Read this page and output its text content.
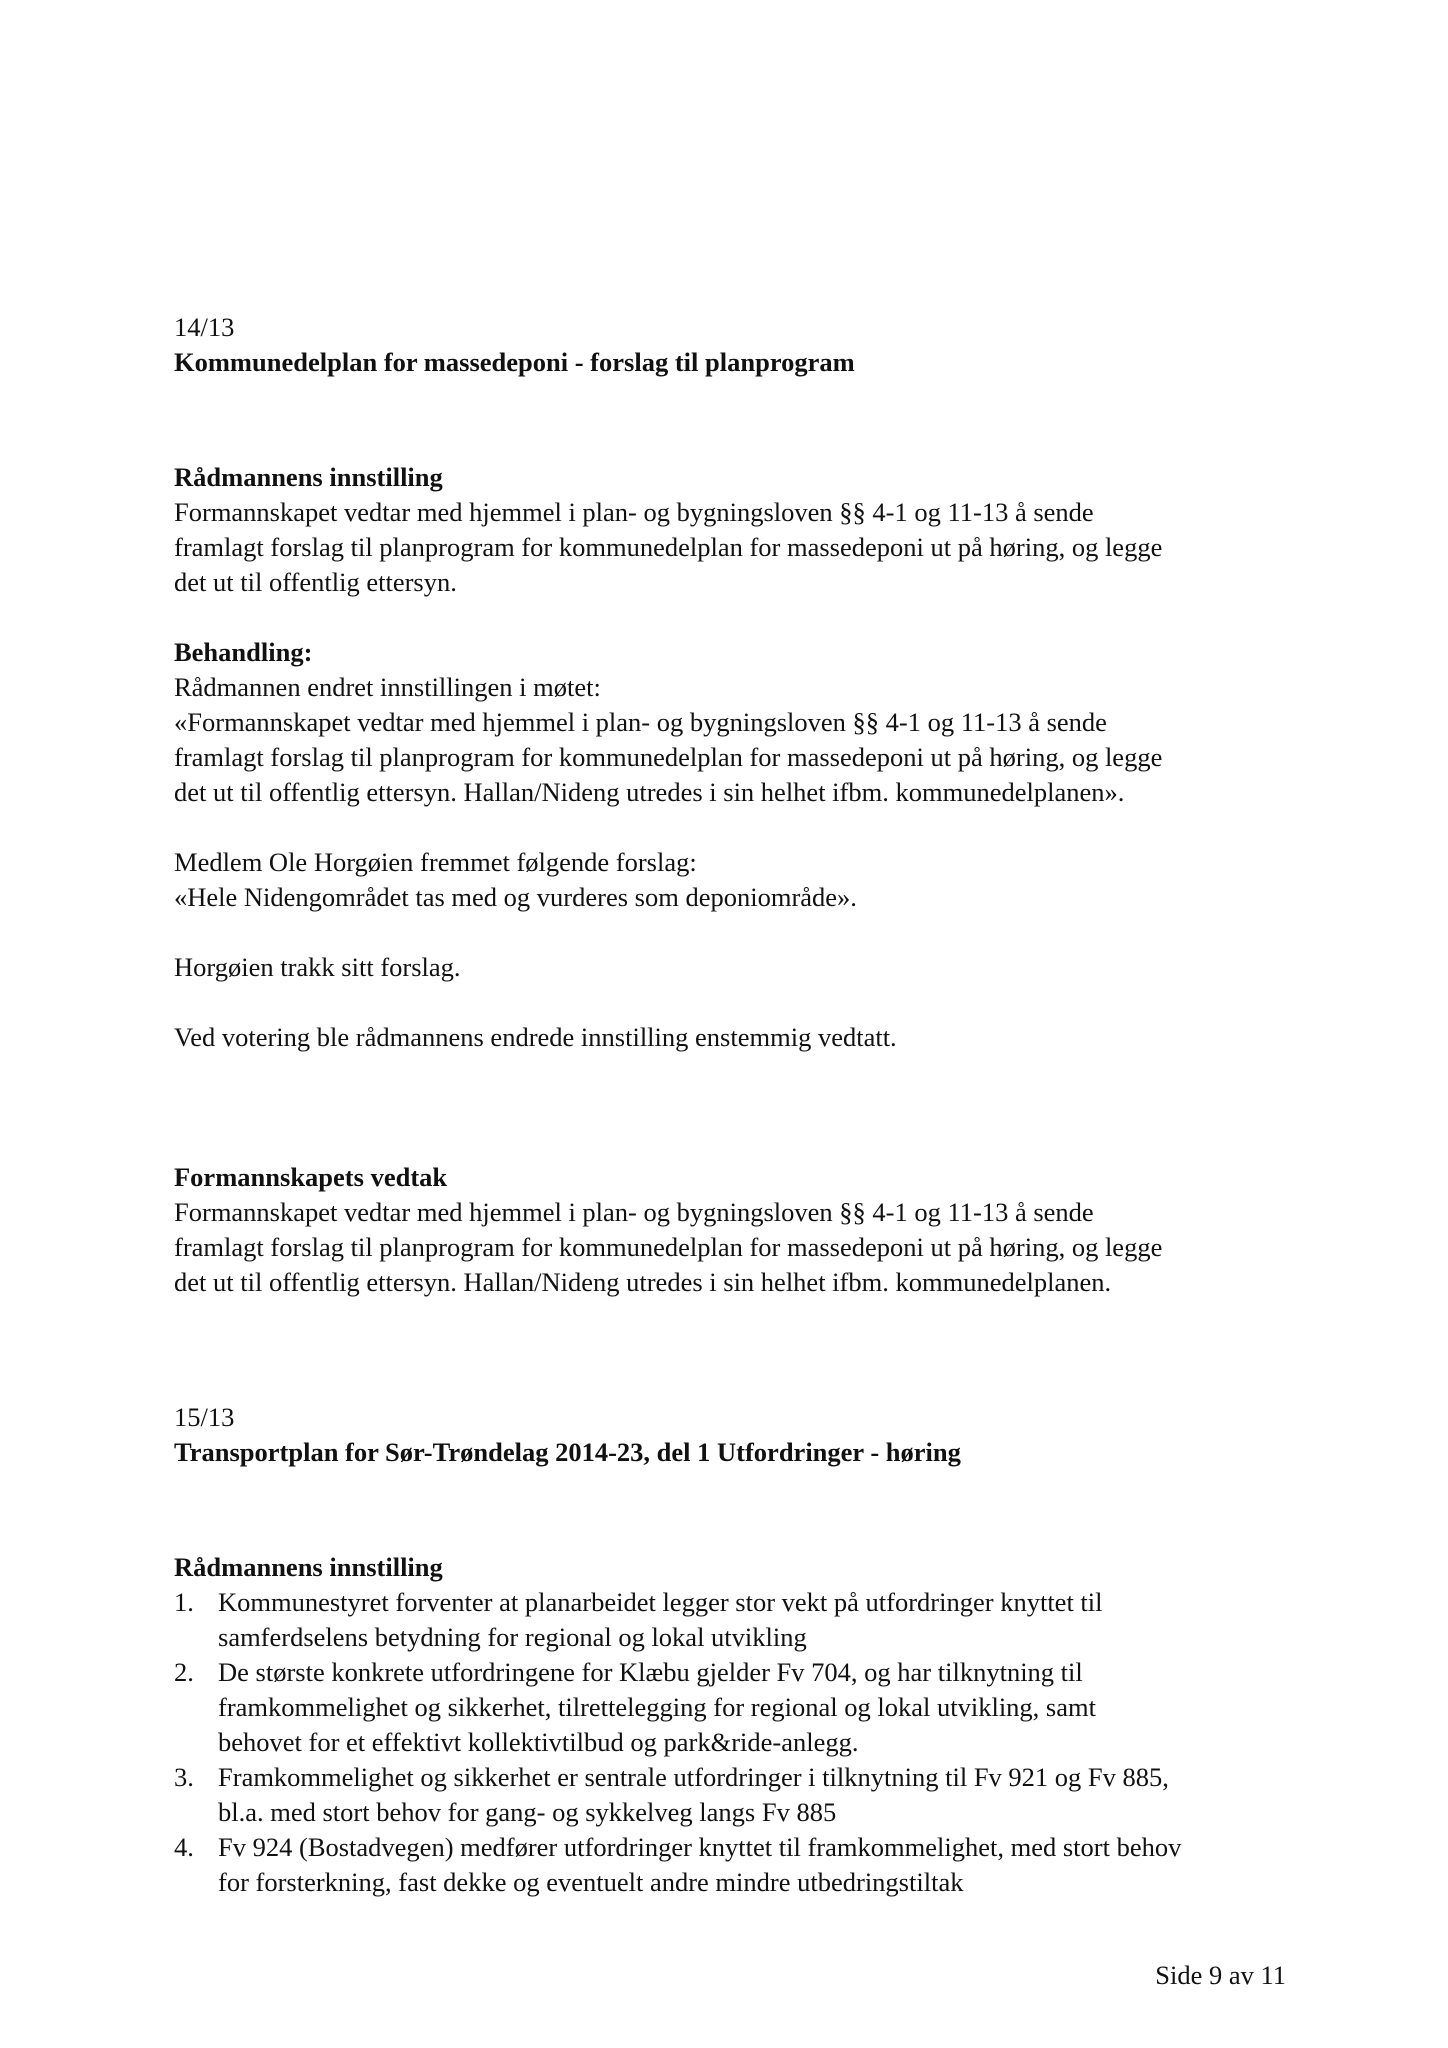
14/13

Kommunedelplan for massedeponi - forslag til planprogram

Rådmannens innstilling

Formannskapet vedtar med hjemmel i plan- og bygningsloven §§ 4-1 og 11-13 å sende

framlagt forslag til planprogram for kommunedelplan for massedeponi ut på høring, og legge

det ut til offentlig ettersyn.

Behandling:

Rådmannen endret innstillingen i møtet:

«Formannskapet vedtar med hjemmel i plan- og bygningsloven §§ 4-1 og 11-13 å sende

framlagt forslag til planprogram for kommunedelplan for massedeponi ut på høring, og legge

det ut til offentlig ettersyn. Hallan/Nideng utredes i sin helhet ifbm. kommunedelplanen».

Medlem Ole Horgøien fremmet følgende forslag:

«Hele Nidengområdet tas med og vurderes som deponiområde».

Horgøien trakk sitt forslag.

Ved votering ble rådmannens endrede innstilling enstemmig vedtatt.

Formannskapets vedtak

Formannskapet vedtar med hjemmel i plan- og bygningsloven §§ 4-1 og 11-13 å sende

framlagt forslag til planprogram for kommunedelplan for massedeponi ut på høring, og legge

det ut til offentlig ettersyn. Hallan/Nideng utredes i sin helhet ifbm. kommunedelplanen.

15/13

Transportplan for Sør-Trøndelag 2014-23, del 1 Utfordringer - høring

Rådmannens innstilling

1. Kommunestyret forventer at planarbeidet legger stor vekt på utfordringer knyttet til

samferdselens betydning for regional og lokal utvikling

2. De største konkrete utfordringene for Klæbu gjelder Fv 704, og har tilknytning til

framkommelighet og sikkerhet, tilrettelegging for regional og lokal utvikling, samt

behovet for et effektivt kollektivtilbud og park&ride-anlegg.

3. Framkommelighet og sikkerhet er sentrale utfordringer i tilknytning til Fv 921 og Fv 885,

bl.a. med stort behov for gang- og sykkelveg langs Fv 885

4. Fv 924 (Bostadvegen) medfører utfordringer knyttet til framkommelighet, med stort behov

for forsterkning, fast dekke og eventuelt andre mindre utbedringstiltak

Side 9 av 11
